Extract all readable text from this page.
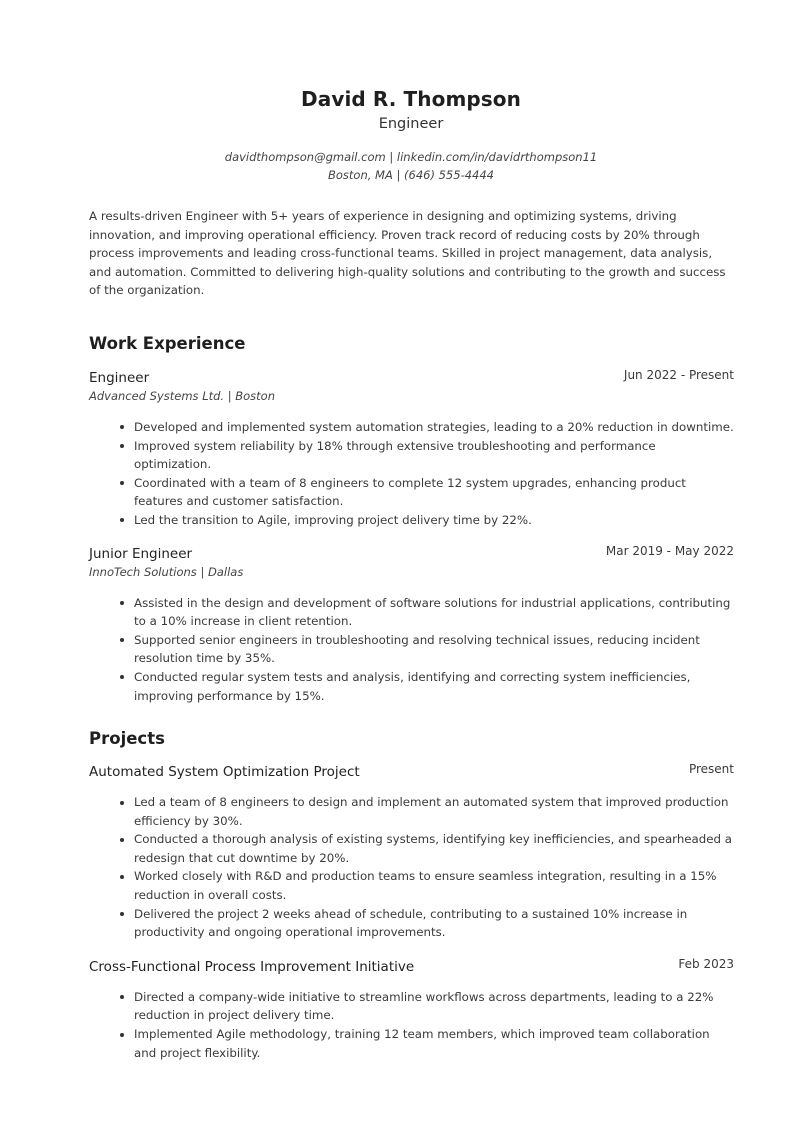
David R. Thompson
Engineer
davidthompson@gmail.com | linkedin.com/in/davidrthompson11
Boston, MA | (646) 555-4444

A results-driven Engineer with 5+ years of experience in designing and optimizing systems, driving innovation, and improving operational efficiency. Proven track record of reducing costs by 20% through process improvements and leading cross-functional teams. Skilled in project management, data analysis, and automation. Committed to delivering high-quality solutions and contributing to the growth and success of the organization.

Work Experience
Engineer	Jun 2022 - Present
Advanced Systems Ltd. | Boston
Developed and implemented system automation strategies, leading to a 20% reduction in downtime.
Improved system reliability by 18% through extensive troubleshooting and performance optimization.
Coordinated with a team of 8 engineers to complete 12 system upgrades, enhancing product features and customer satisfaction.
Led the transition to Agile, improving project delivery time by 22%.
Junior Engineer	Mar 2019 - May 2022
InnoTech Solutions | Dallas
Assisted in the design and development of software solutions for industrial applications, contributing to a 10% increase in client retention.
Supported senior engineers in troubleshooting and resolving technical issues, reducing incident resolution time by 35%.
Conducted regular system tests and analysis, identifying and correcting system inefficiencies, improving performance by 15%.
Projects
Automated System Optimization Project	Present
Led a team of 8 engineers to design and implement an automated system that improved production efficiency by 30%.
Conducted a thorough analysis of existing systems, identifying key inefficiencies, and spearheaded a redesign that cut downtime by 20%.
Worked closely with R&D and production teams to ensure seamless integration, resulting in a 15% reduction in overall costs.
Delivered the project 2 weeks ahead of schedule, contributing to a sustained 10% increase in productivity and ongoing operational improvements.
Cross-Functional Process Improvement Initiative	Feb 2023
Directed a company-wide initiative to streamline workflows across departments, leading to a 22% reduction in project delivery time.
Implemented Agile methodology, training 12 team members, which improved team collaboration and project flexibility.
